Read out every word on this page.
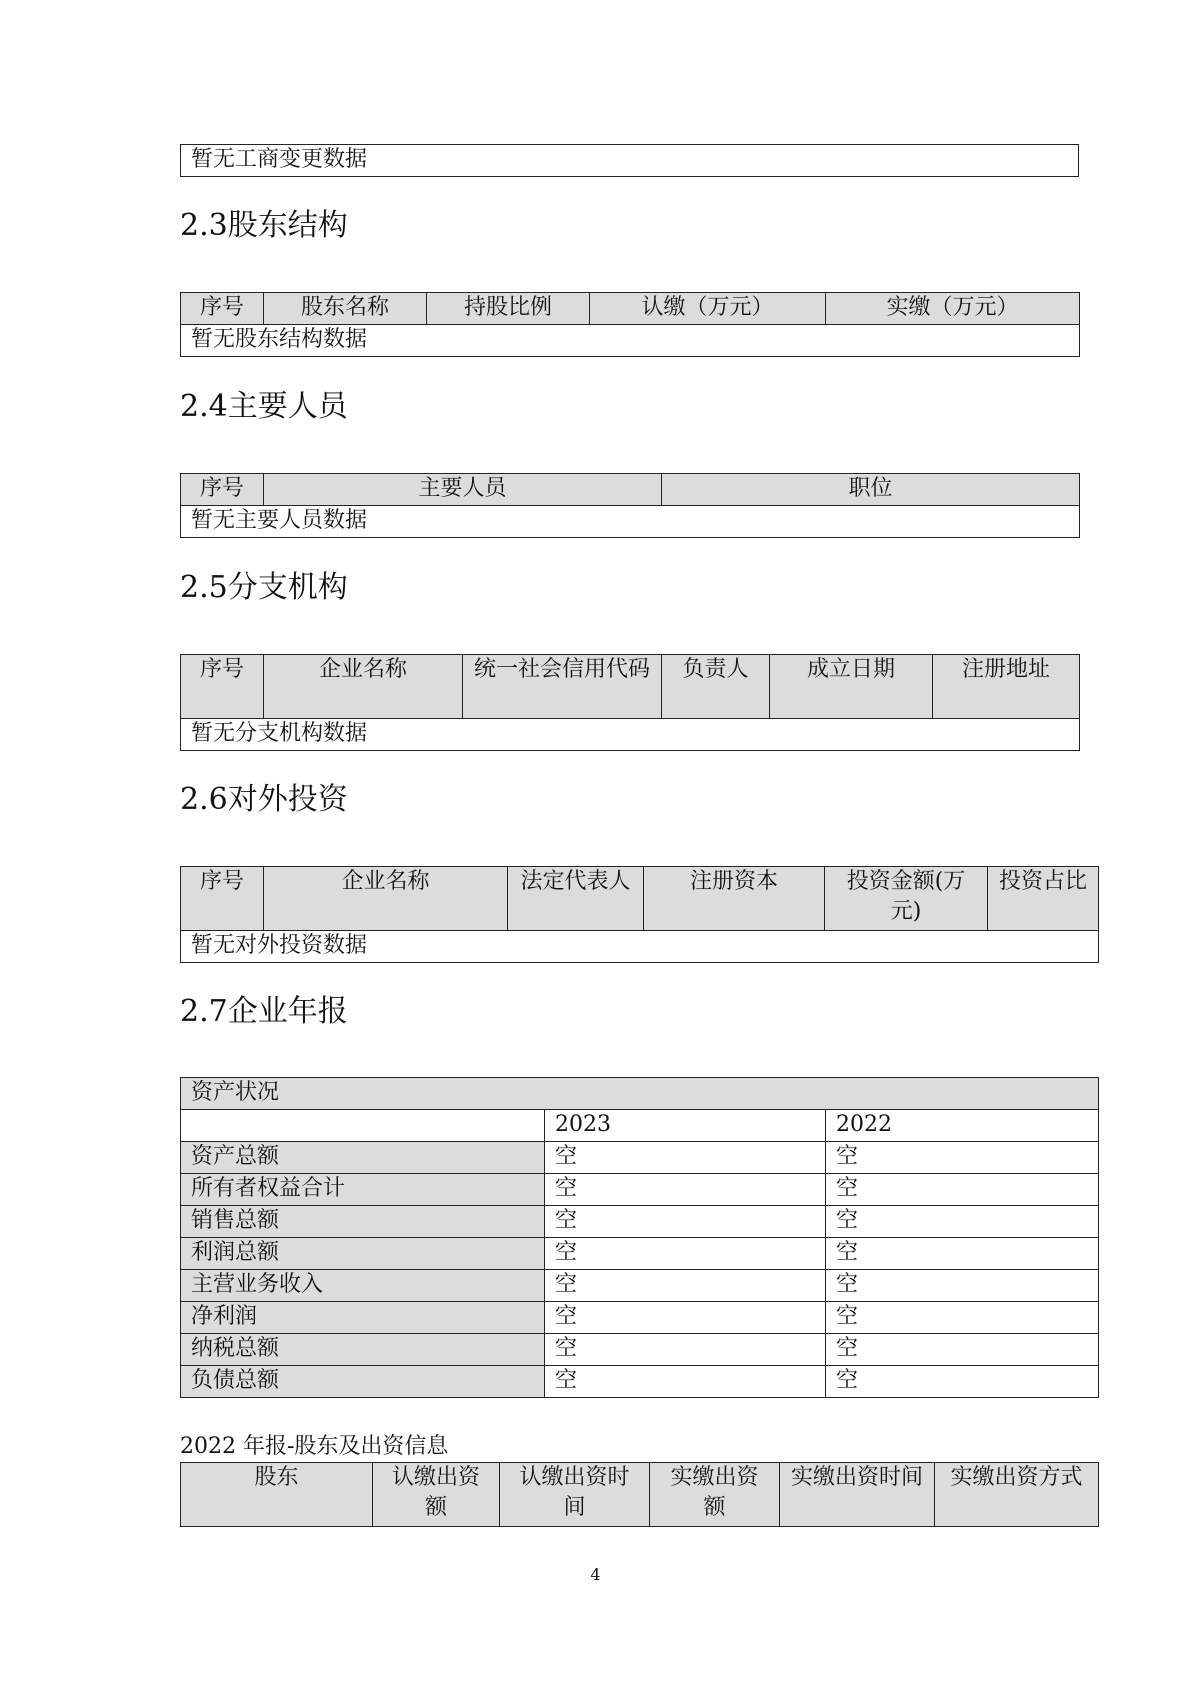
暂无工商变更数据
2.3股东结构
序号	股东名称	持股比例	认缴（万元）	实缴（万元）
暂无股东结构数据
2.4主要人员
序号	主要人员	职位
暂无主要人员数据
2.5分支机构
序号	企业名称	统一社会信用代码	负责人	成立日期	注册地址
暂无分支机构数据
2.6对外投资
序号	企业名称	法定代表人	注册资本	投资金额(万元)	投资占比
暂无对外投资数据
2.7企业年报
资产状况		
	2023	2022
资产总额	空	空
所有者权益合计	空	空
销售总额	空	空
利润总额	空	空
主营业务收入	空	空
净利润	空	空
纳税总额	空	空
负债总额	空	空
2022 年报-股东及出资信息
股东	认缴出资额	认缴出资时间	实缴出资额	实缴出资时间	实缴出资方式
4
